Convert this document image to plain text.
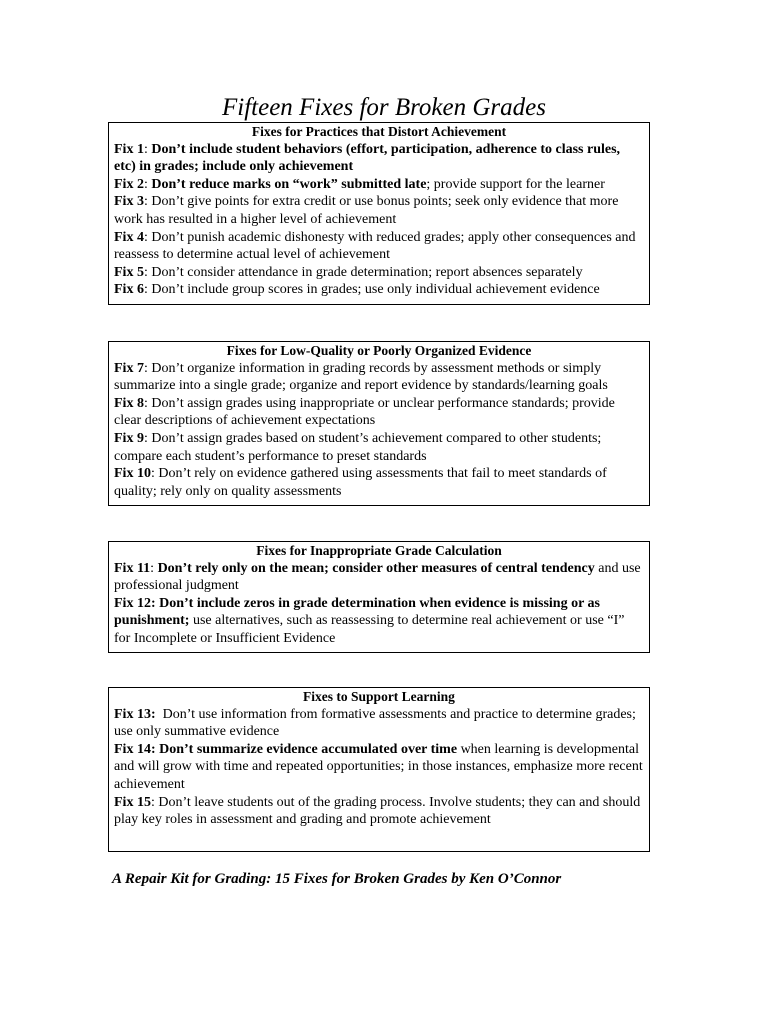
Fifteen Fixes for Broken Grades
Fixes for Practices that Distort Achievement

Fix 1: Don’t include student behaviors (effort, participation, adherence to class rules, etc) in grades; include only achievement

Fix 2: Don’t reduce marks on “work” submitted late; provide support for the learner

Fix 3: Don’t give points for extra credit or use bonus points; seek only evidence that more work has resulted in a higher level of achievement

Fix 4: Don’t punish academic dishonesty with reduced grades; apply other consequences and reassess to determine actual level of achievement

Fix 5: Don’t consider attendance in grade determination; report absences separately

Fix 6: Don’t include group scores in grades; use only individual achievement evidence

Fixes for Low-Quality or Poorly Organized Evidence

Fix 7: Don’t organize information in grading records by assessment methods or simply summarize into a single grade; organize and report evidence by standards/learning goals

Fix 8: Don’t assign grades using inappropriate or unclear performance standards; provide clear descriptions of achievement expectations

Fix 9: Don’t assign grades based on student’s achievement compared to other students; compare each student’s performance to preset standards

Fix 10: Don’t rely on evidence gathered using assessments that fail to meet standards of quality; rely only on quality assessments

Fixes for Inappropriate Grade Calculation

Fix 11: Don’t rely only on the mean; consider other measures of central tendency and use professional judgment

Fix 12: Don’t include zeros in grade determination when evidence is missing or as punishment; use alternatives, such as reassessing to determine real achievement or use “I” for Incomplete or Insufficient Evidence

Fixes to Support Learning

Fix 13: Don’t use information from formative assessments and practice to determine grades; use only summative evidence

Fix 14: Don’t summarize evidence accumulated over time when learning is developmental and will grow with time and repeated opportunities; in those instances, emphasize more recent achievement

Fix 15: Don’t leave students out of the grading process. Involve students; they can and should play key roles in assessment and grading and promote achievement

A Repair Kit for Grading: 15 Fixes for Broken Grades by Ken O’Connor
